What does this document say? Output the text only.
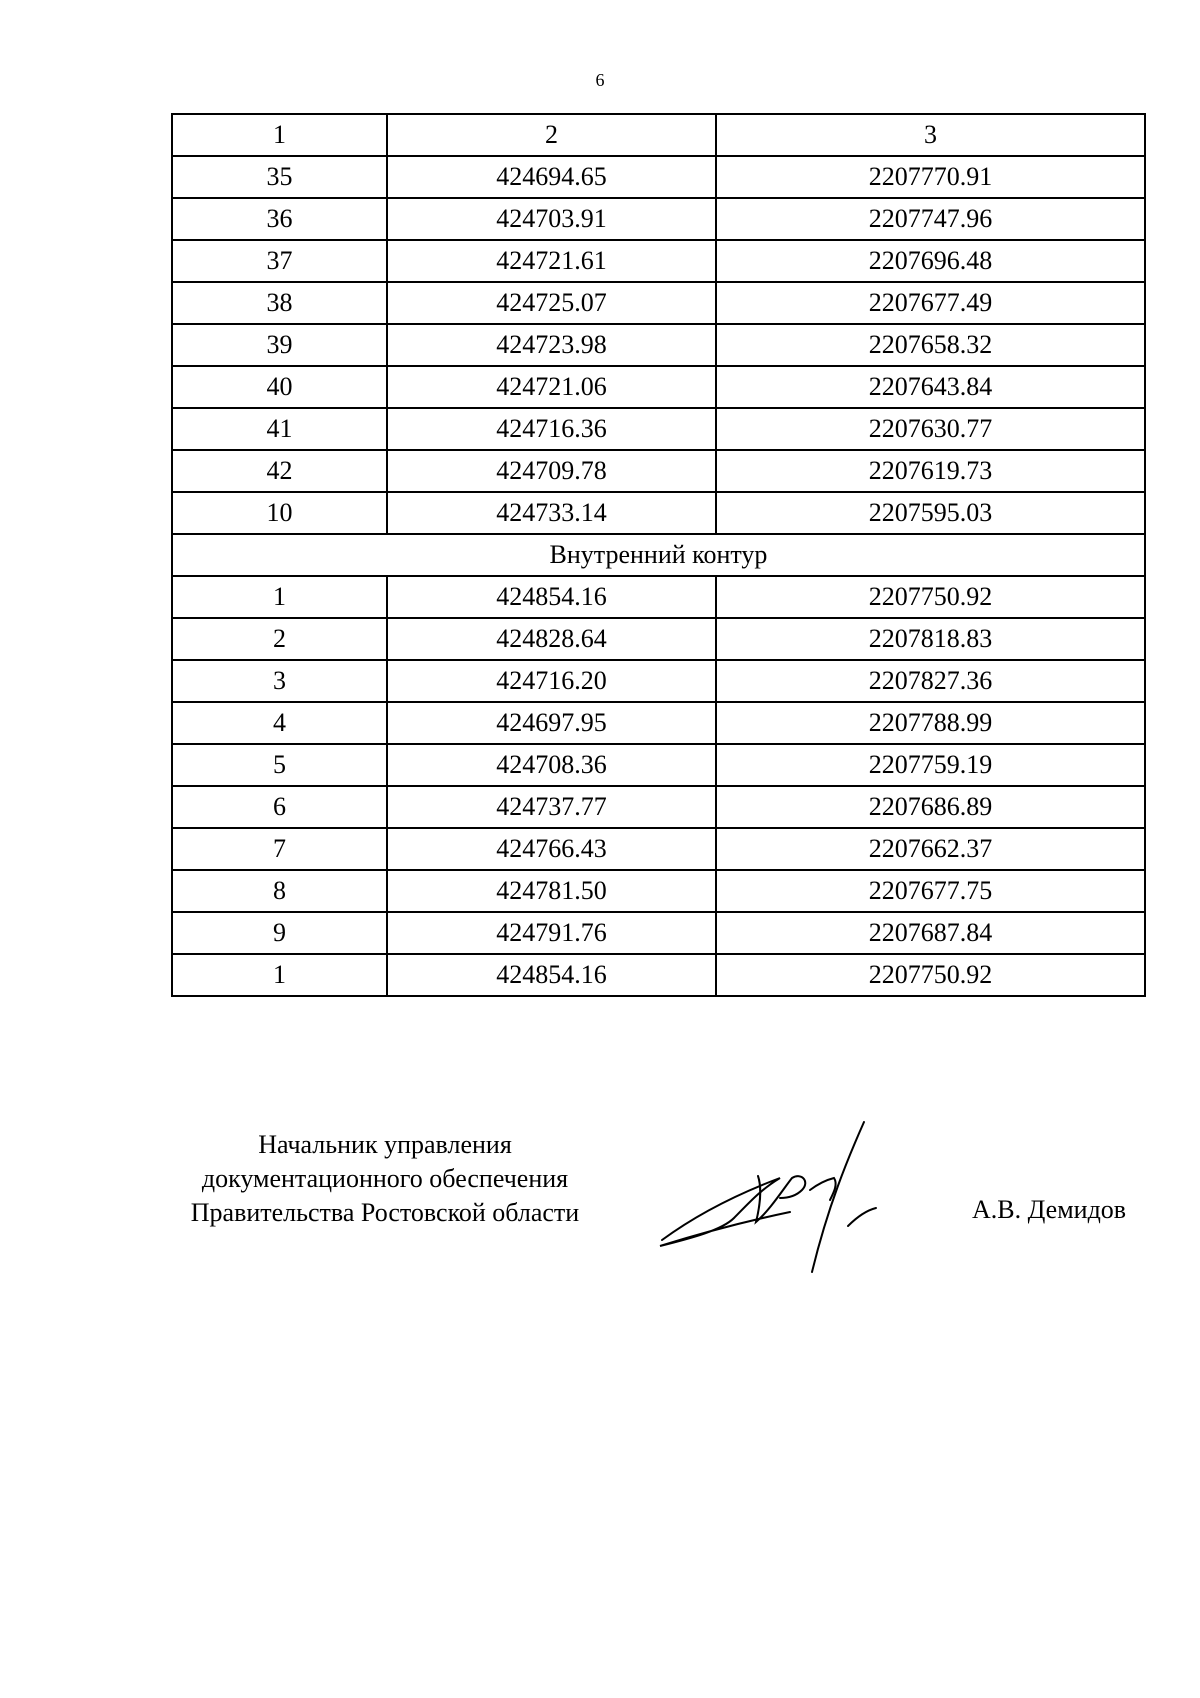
6
1	2	3
35	424694.65	2207770.91
36	424703.91	2207747.96
37	424721.61	2207696.48
38	424725.07	2207677.49
39	424723.98	2207658.32
40	424721.06	2207643.84
41	424716.36	2207630.77
42	424709.78	2207619.73
10	424733.14	2207595.03
Внутренний контур		
1	424854.16	2207750.92
2	424828.64	2207818.83
3	424716.20	2207827.36
4	424697.95	2207788.99
5	424708.36	2207759.19
6	424737.77	2207686.89
7	424766.43	2207662.37
8	424781.50	2207677.75
9	424791.76	2207687.84
1	424854.16	2207750.92
Начальник управления
документационного обеспечения
Правительства Ростовской области	А.В. Демидов
